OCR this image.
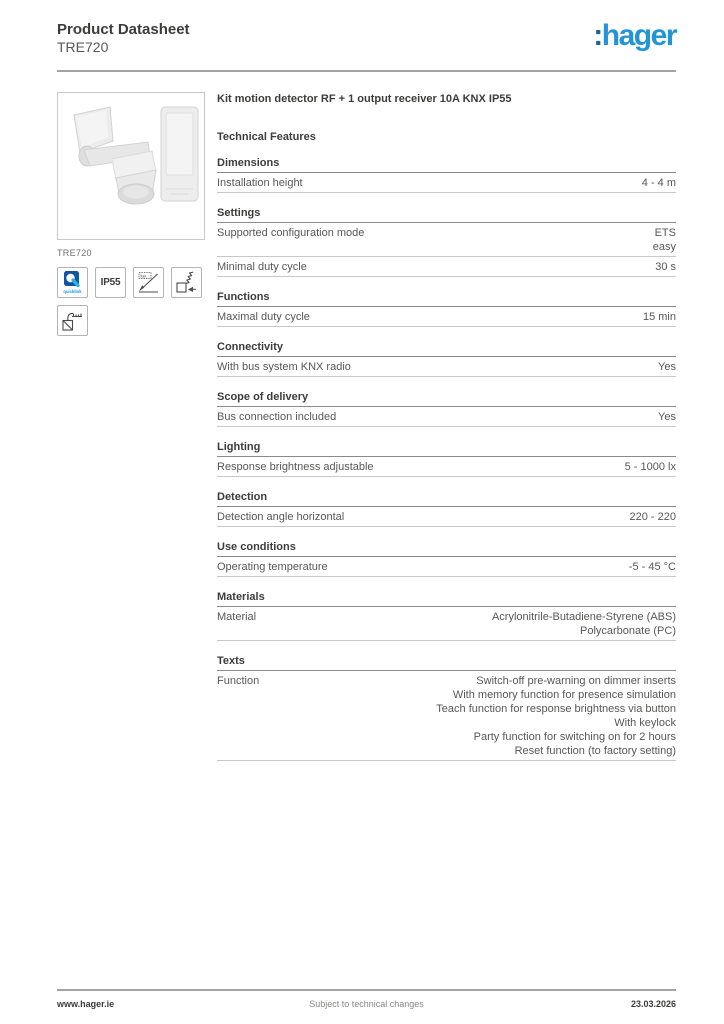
Product Datasheet
TRE720	:hager
TRE720
quicklink
IP55
lux
Kit motion detector RF + 1 output receiver 10A KNX IP55
Technical Features
Dimensions
Installation height	4 - 4 m
Settings
Supported configuration mode	ETS
easy
Minimal duty cycle	30 s
Functions
Maximal duty cycle	15 min
Connectivity
With bus system KNX radio	Yes
Scope of delivery
Bus connection included	Yes
Lighting
Response brightness adjustable	5 - 1000 lx
Detection
Detection angle horizontal	220 - 220
Use conditions
Operating temperature	-5 - 45 °C
Materials
Material	Acrylonitrile-Butadiene-Styrene (ABS)
Polycarbonate (PC)
Texts
Function	Switch-off pre-warning on dimmer inserts
With memory function for presence simulation
Teach function for response brightness via button
With keylock
Party function for switching on for 2 hours
Reset function (to factory setting)
www.hager.ie	Subject to technical changes	23.03.2026
